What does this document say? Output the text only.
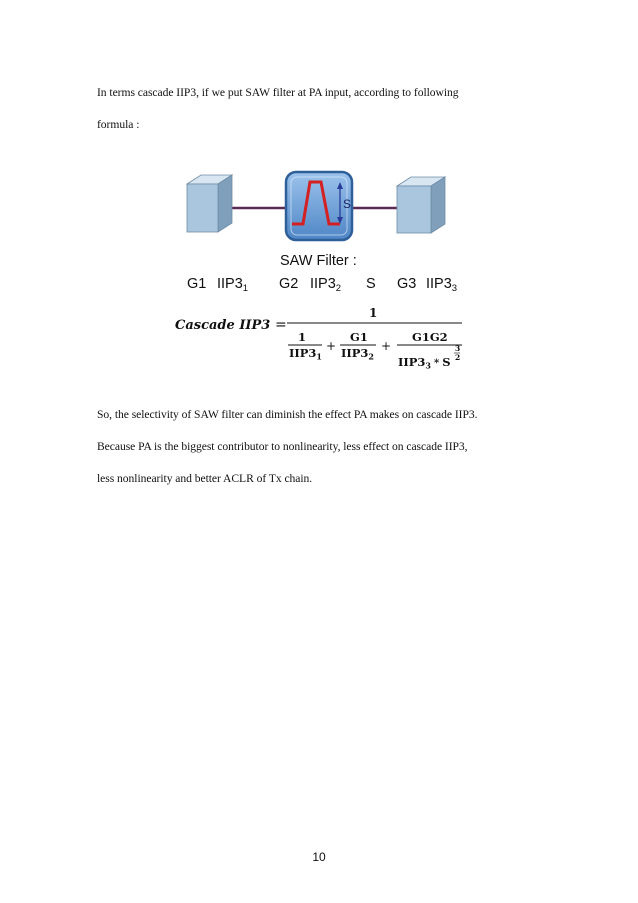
In terms cascade IIP3, if we put SAW filter at PA input, according to following
formula :

S
SAW Filter :
G1 $IIP3_1$ G2 $IIP3_2$ S G3 $IIP3_3$
Cascade IIP3 =
1
1
$IIP3_1$
+
G1
$IIP3_2$
+
G1G2
$IIP3_3$ * S
3
2

So, the selectivity of SAW filter can diminish the effect PA makes on cascade IIP3.
Because PA is the biggest contributor to nonlinearity, less effect on cascade IIP3,
less nonlinearity and better ACLR of Tx chain.

10
